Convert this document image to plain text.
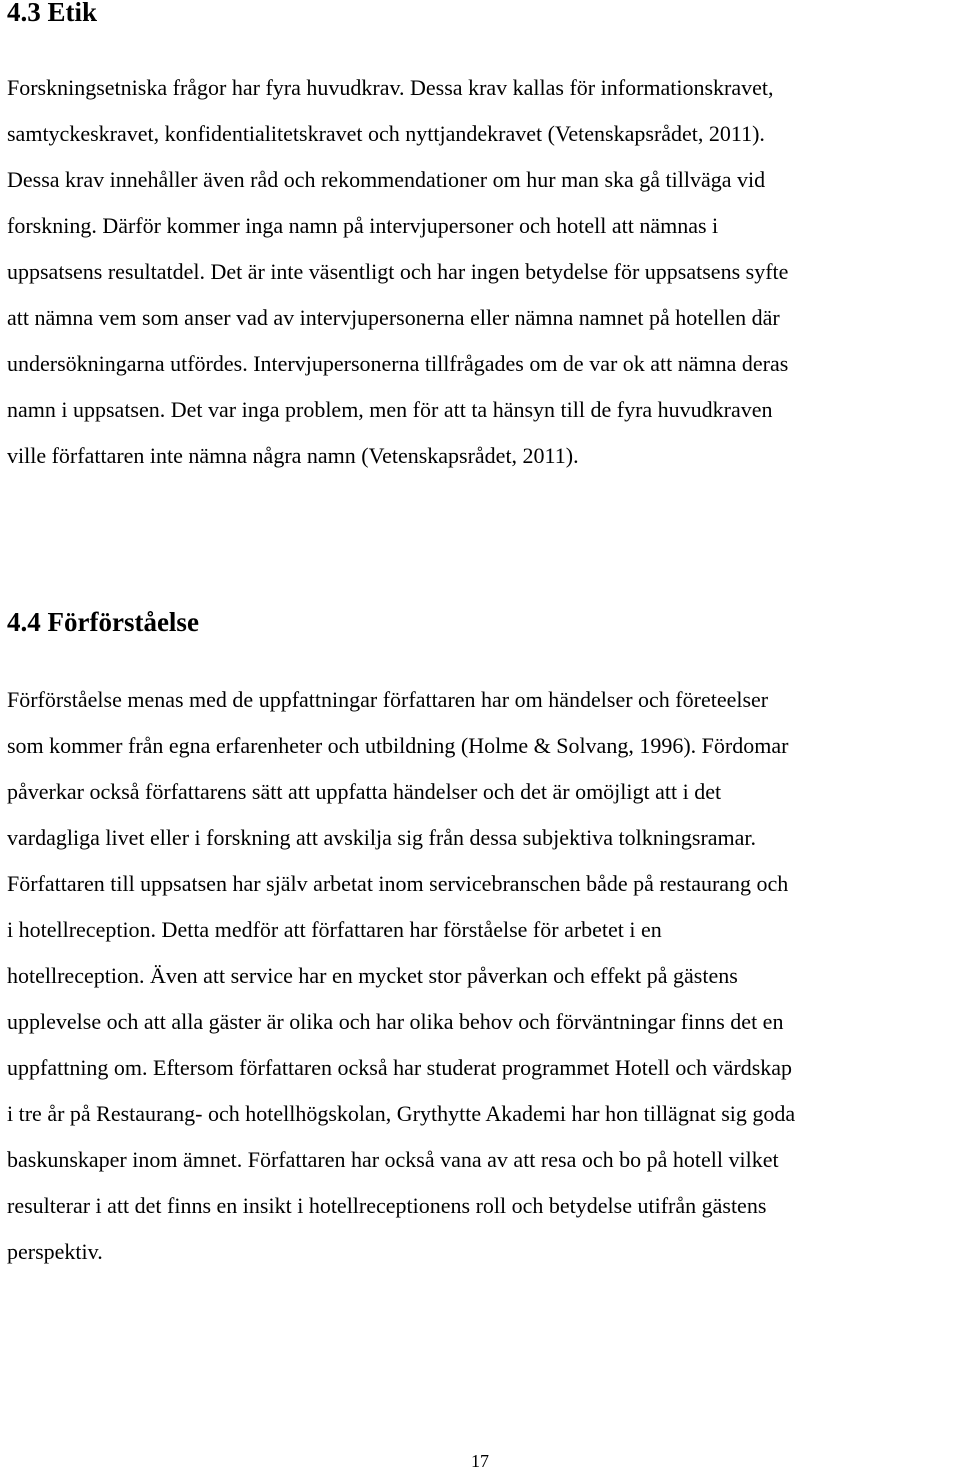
4.3 Etik
Forskningsetniska frågor har fyra huvudkrav. Dessa krav kallas för informationskravet,
samtyckeskravet, konfidentialitetskravet och nyttjandekravet (Vetenskapsrådet, 2011).
Dessa krav innehåller även råd och rekommendationer om hur man ska gå tillväga vid
forskning. Därför kommer inga namn på intervjupersoner och hotell att nämnas i
uppsatsens resultatdel. Det är inte väsentligt och har ingen betydelse för uppsatsens syfte
att nämna vem som anser vad av intervjupersonerna eller nämna namnet på hotellen där
undersökningarna utfördes. Intervjupersonerna tillfrågades om de var ok att nämna deras
namn i uppsatsen. Det var inga problem, men för att ta hänsyn till de fyra huvudkraven
ville författaren inte nämna några namn (Vetenskapsrådet, 2011).
4.4 Förförståelse
Förförståelse menas med de uppfattningar författaren har om händelser och företeelser
som kommer från egna erfarenheter och utbildning (Holme & Solvang, 1996). Fördomar
påverkar också författarens sätt att uppfatta händelser och det är omöjligt att i det
vardagliga livet eller i forskning att avskilja sig från dessa subjektiva tolkningsramar.
Författaren till uppsatsen har själv arbetat inom servicebranschen både på restaurang och
i hotellreception. Detta medför att författaren har förståelse för arbetet i en
hotellreception. Även att service har en mycket stor påverkan och effekt på gästens
upplevelse och att alla gäster är olika och har olika behov och förväntningar finns det en
uppfattning om. Eftersom författaren också har studerat programmet Hotell och värdskap
i tre år på Restaurang- och hotellhögskolan, Grythytte Akademi har hon tillägnat sig goda
baskunskaper inom ämnet. Författaren har också vana av att resa och bo på hotell vilket
resulterar i att det finns en insikt i hotellreceptionens roll och betydelse utifrån gästens
perspektiv.
17
